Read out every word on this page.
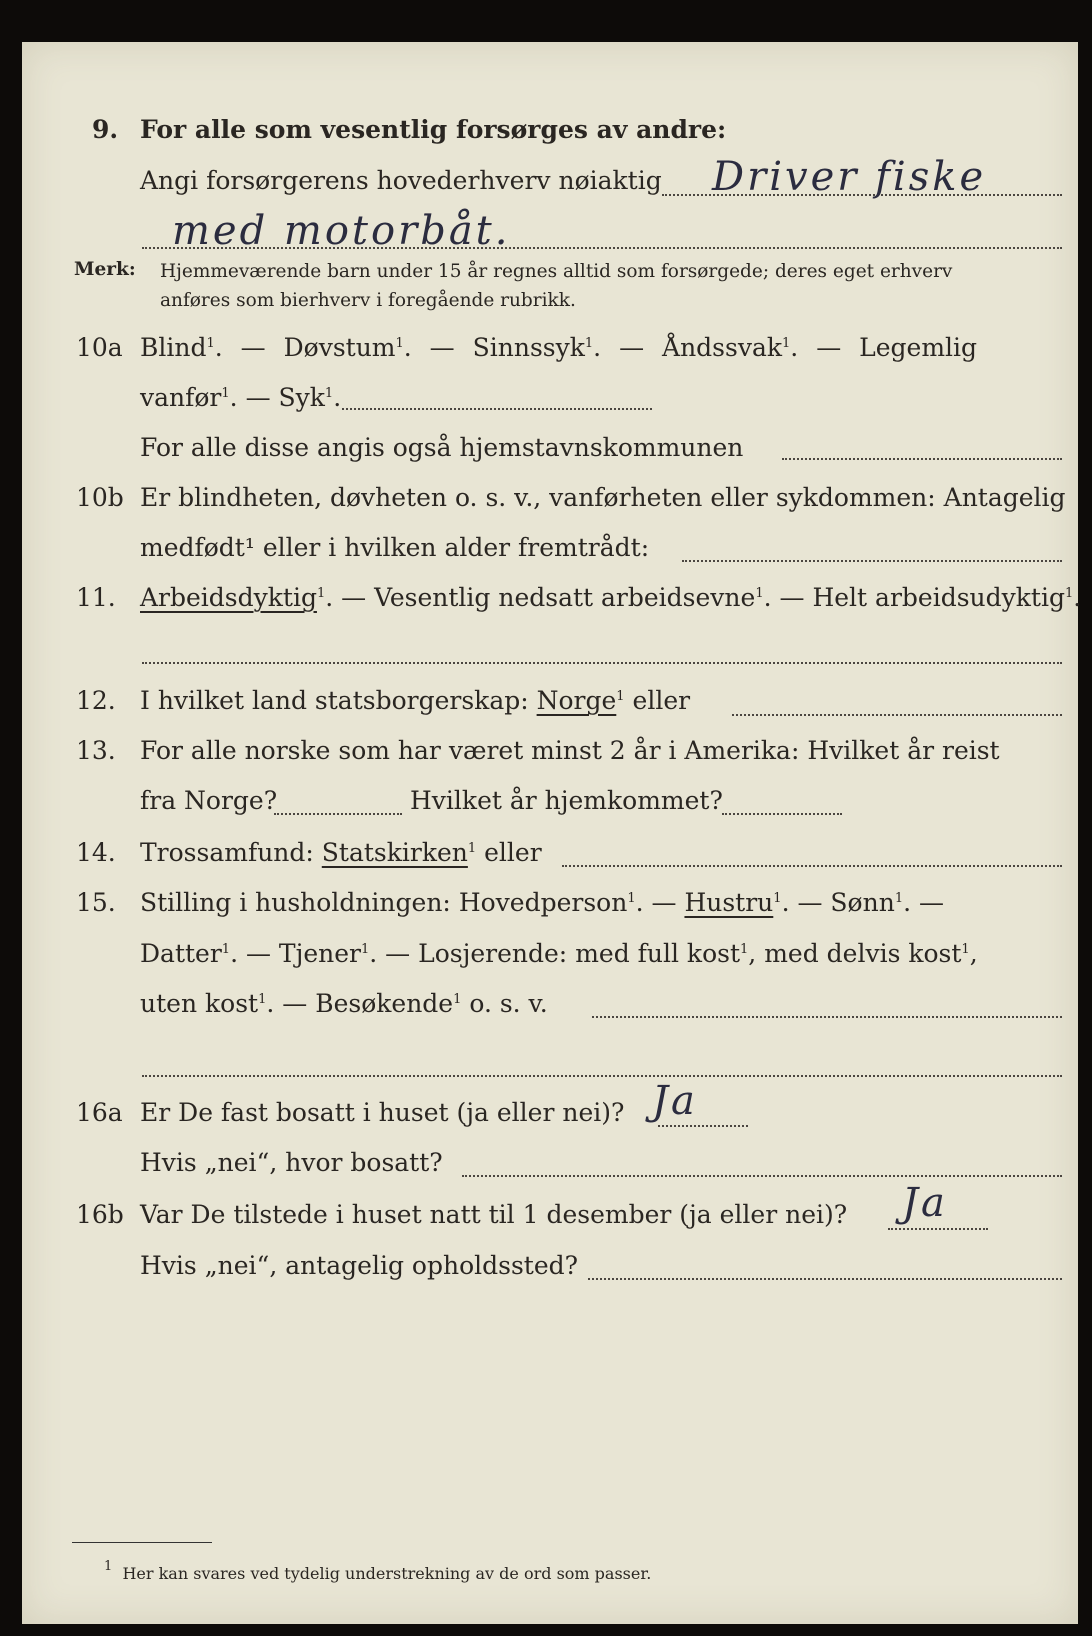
9. For alle som vesentlig forsørges av andre:
Angi forsørgerens hovederhverv nøiaktig Driver fiske
med motorbåt.
Merk: Hjemmeværende barn under 15 år regnes alltid som forsørgede; deres eget erhverv
anføres som bierhverv i foregående rubrikk.
10a Blind$^1$. — Døvstum$^1$. — Sinnssyk$^1$. — Åndssvak$^1$. — Legemlig
vanfør$^1$. — Syk$^1$.
For alle disse angis også hjemstavnskommunen
10b Er blindheten, døvheten o. s. v., vanførheten eller sykdommen: Antagelig
medfødt¹ eller i hvilken alder fremtrådt:
11. Arbeidsdyktig$^1$. — Vesentlig nedsatt arbeidsevne$^1$. — Helt arbeidsudyktig$^1$.
12. I hvilket land statsborgerskap: Norge$^1$ eller
13. For alle norske som har været minst 2 år i Amerika: Hvilket år reist
fra Norge?	Hvilket år hjemkommet?
14. Trossamfund: Statskirken$^1$ eller
15. Stilling i husholdningen: Hovedperson$^1$. — Hustru$^1$. — Sønn$^1$. —
Datter$^1$. — Tjener$^1$. — Losjerende: med full kost$^1$, med delvis kost$^1$,
uten kost$^1$. — Besøkende$^1$ o. s. v.
16a Er De fast bosatt i huset (ja eller nei)? Ja
Hvis „nei“, hvor bosatt?
16b Var De tilstede i huset natt til 1 desember (ja eller nei)? Ja
Hvis „nei“, antagelig opholdssted?
$^1$ Her kan svares ved tydelig understrekning av de ord som passer.
